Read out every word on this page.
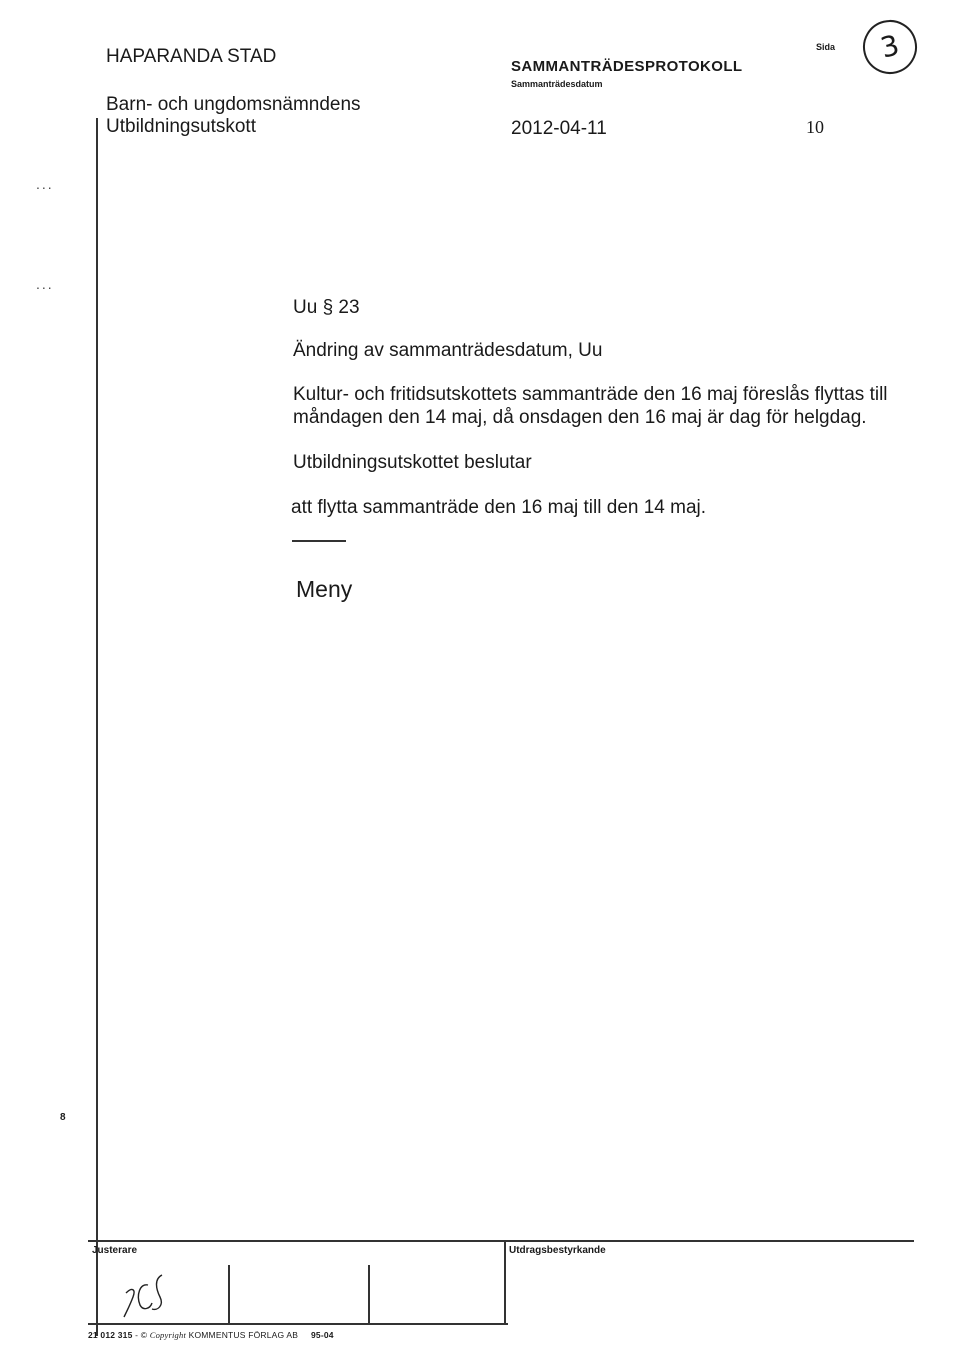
HAPARANDA STAD
Barn- och ungdomsnämndens
Utbildningsutskott
SAMMANTRÄDESPROTOKOLL
Sammanträdesdatum
2012-04-11
Sida
10
3
...
...
8
Uu § 23
Ändring av sammanträdesdatum, Uu
Kultur- och fritidsutskottets sammanträde den 16 maj föreslås flyttas till måndagen den 14 maj, då onsdagen den 16 maj är dag för helgdag.
Utbildningsutskottet beslutar
att flytta sammanträde den 16 maj till den 14 maj.
Meny
Justerare	Utdragsbestyrkande
21 012 315 - © Copyright KOMMENTUS FÖRLAG AB 95-04
